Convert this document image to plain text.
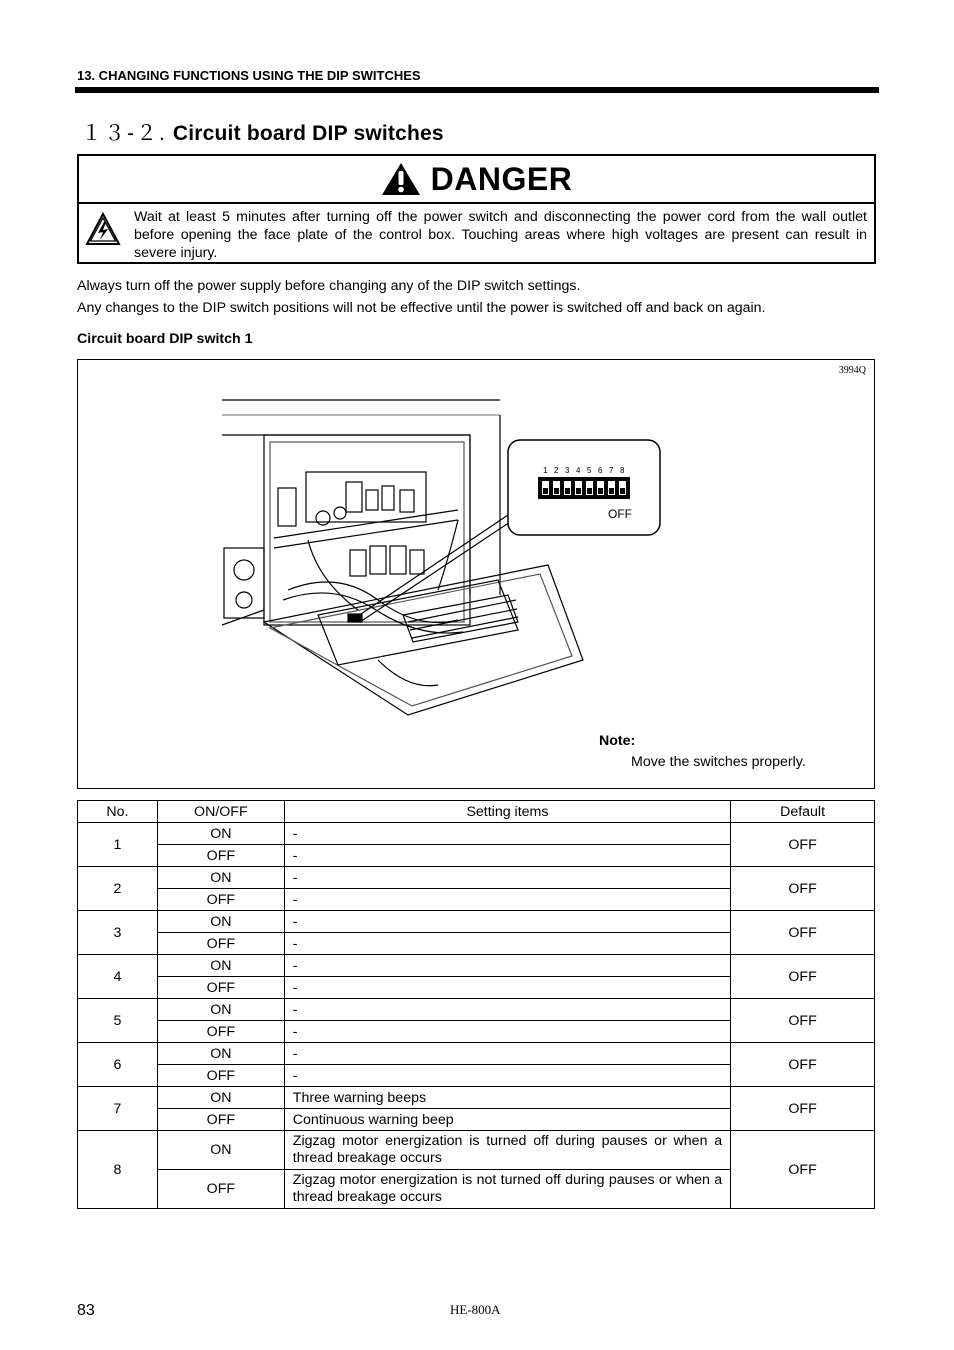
13. CHANGING FUNCTIONS USING THE DIP SWITCHES
１３-２. Circuit board DIP switches
DANGER
Wait at least 5 minutes after turning off the power switch and disconnecting the power cord from the wall outlet before opening the face plate of the control box. Touching areas where high voltages are present can result in severe injury.
Always turn off the power supply before changing any of the DIP switch settings.
Any changes to the DIP switch positions will not be effective until the power is switched off and back on again.
Circuit board DIP switch 1
3994Q
1 2 3 4 5 6 7 8
OFF
Note:
Move the switches properly.
No.	ON/OFF	Setting items	Default
1	ON	-	OFF
	OFF	-	
2	ON	-	OFF
	OFF	-	
3	ON	-	OFF
	OFF	-	
4	ON	-	OFF
	OFF	-	
5	ON	-	OFF
	OFF	-	
6	ON	-	OFF
	OFF	-	
7	ON	Three warning beeps	OFF
	OFF	Continuous warning beep	
8	ON	Zigzag motor energization is turned off during pauses or when a thread breakage occurs	OFF
	OFF	Zigzag motor energization is not turned off during pauses or when a thread breakage occurs	
83	HE-800A
